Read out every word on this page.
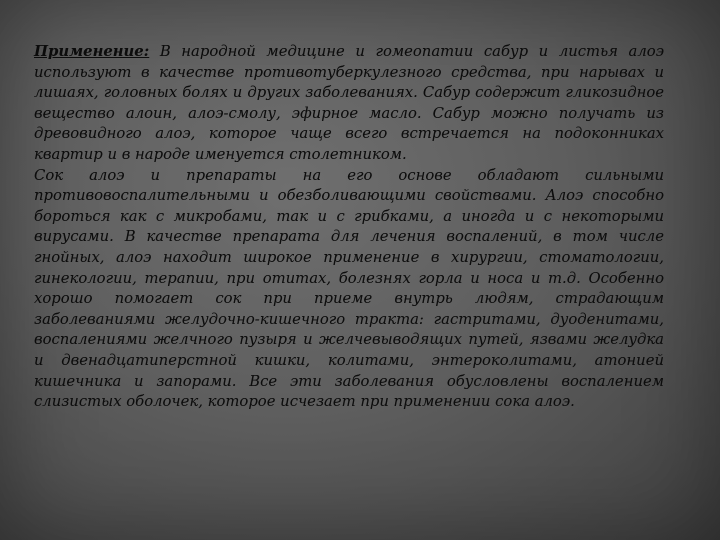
Применение: В народной медицине и гомеопатии сабур и листья алоэ используют в качестве противотуберкулезного средства, при нарывах и лишаях, головных болях и других заболеваниях. Сабур содержит гликозидное вещество алоин, алоэ-смолу, эфирное масло. Сабур можно получать из древовидного алоэ, которое чаще всего встречается на подоконниках квартир и в народе именуется столетником.

Сок алоэ и препараты на его основе обладают сильными противовоспалительными и обезболивающими свойствами. Алоэ способно бороться как с микробами, так и с грибками, а иногда и с некоторыми вирусами. В качестве препарата для лечения воспалений, в том числе гнойных, алоэ находит широкое применение в хирургии, стоматологии, гинекологии, терапии, при отитах, болезнях горла и носа и т.д. Особенно хорошо помогает сок при приеме внутрь людям, страдающим заболеваниями желудочно-кишечного тракта: гастритами, дуоденитами, воспалениями желчного пузыря и желчевыводящих путей, язвами желудка и двенадцатиперстной кишки, колитами, энтероколитами, атонией кишечника и запорами. Все эти заболевания обусловлены воспалением слизистых оболочек, которое исчезает при применении сока алоэ.
